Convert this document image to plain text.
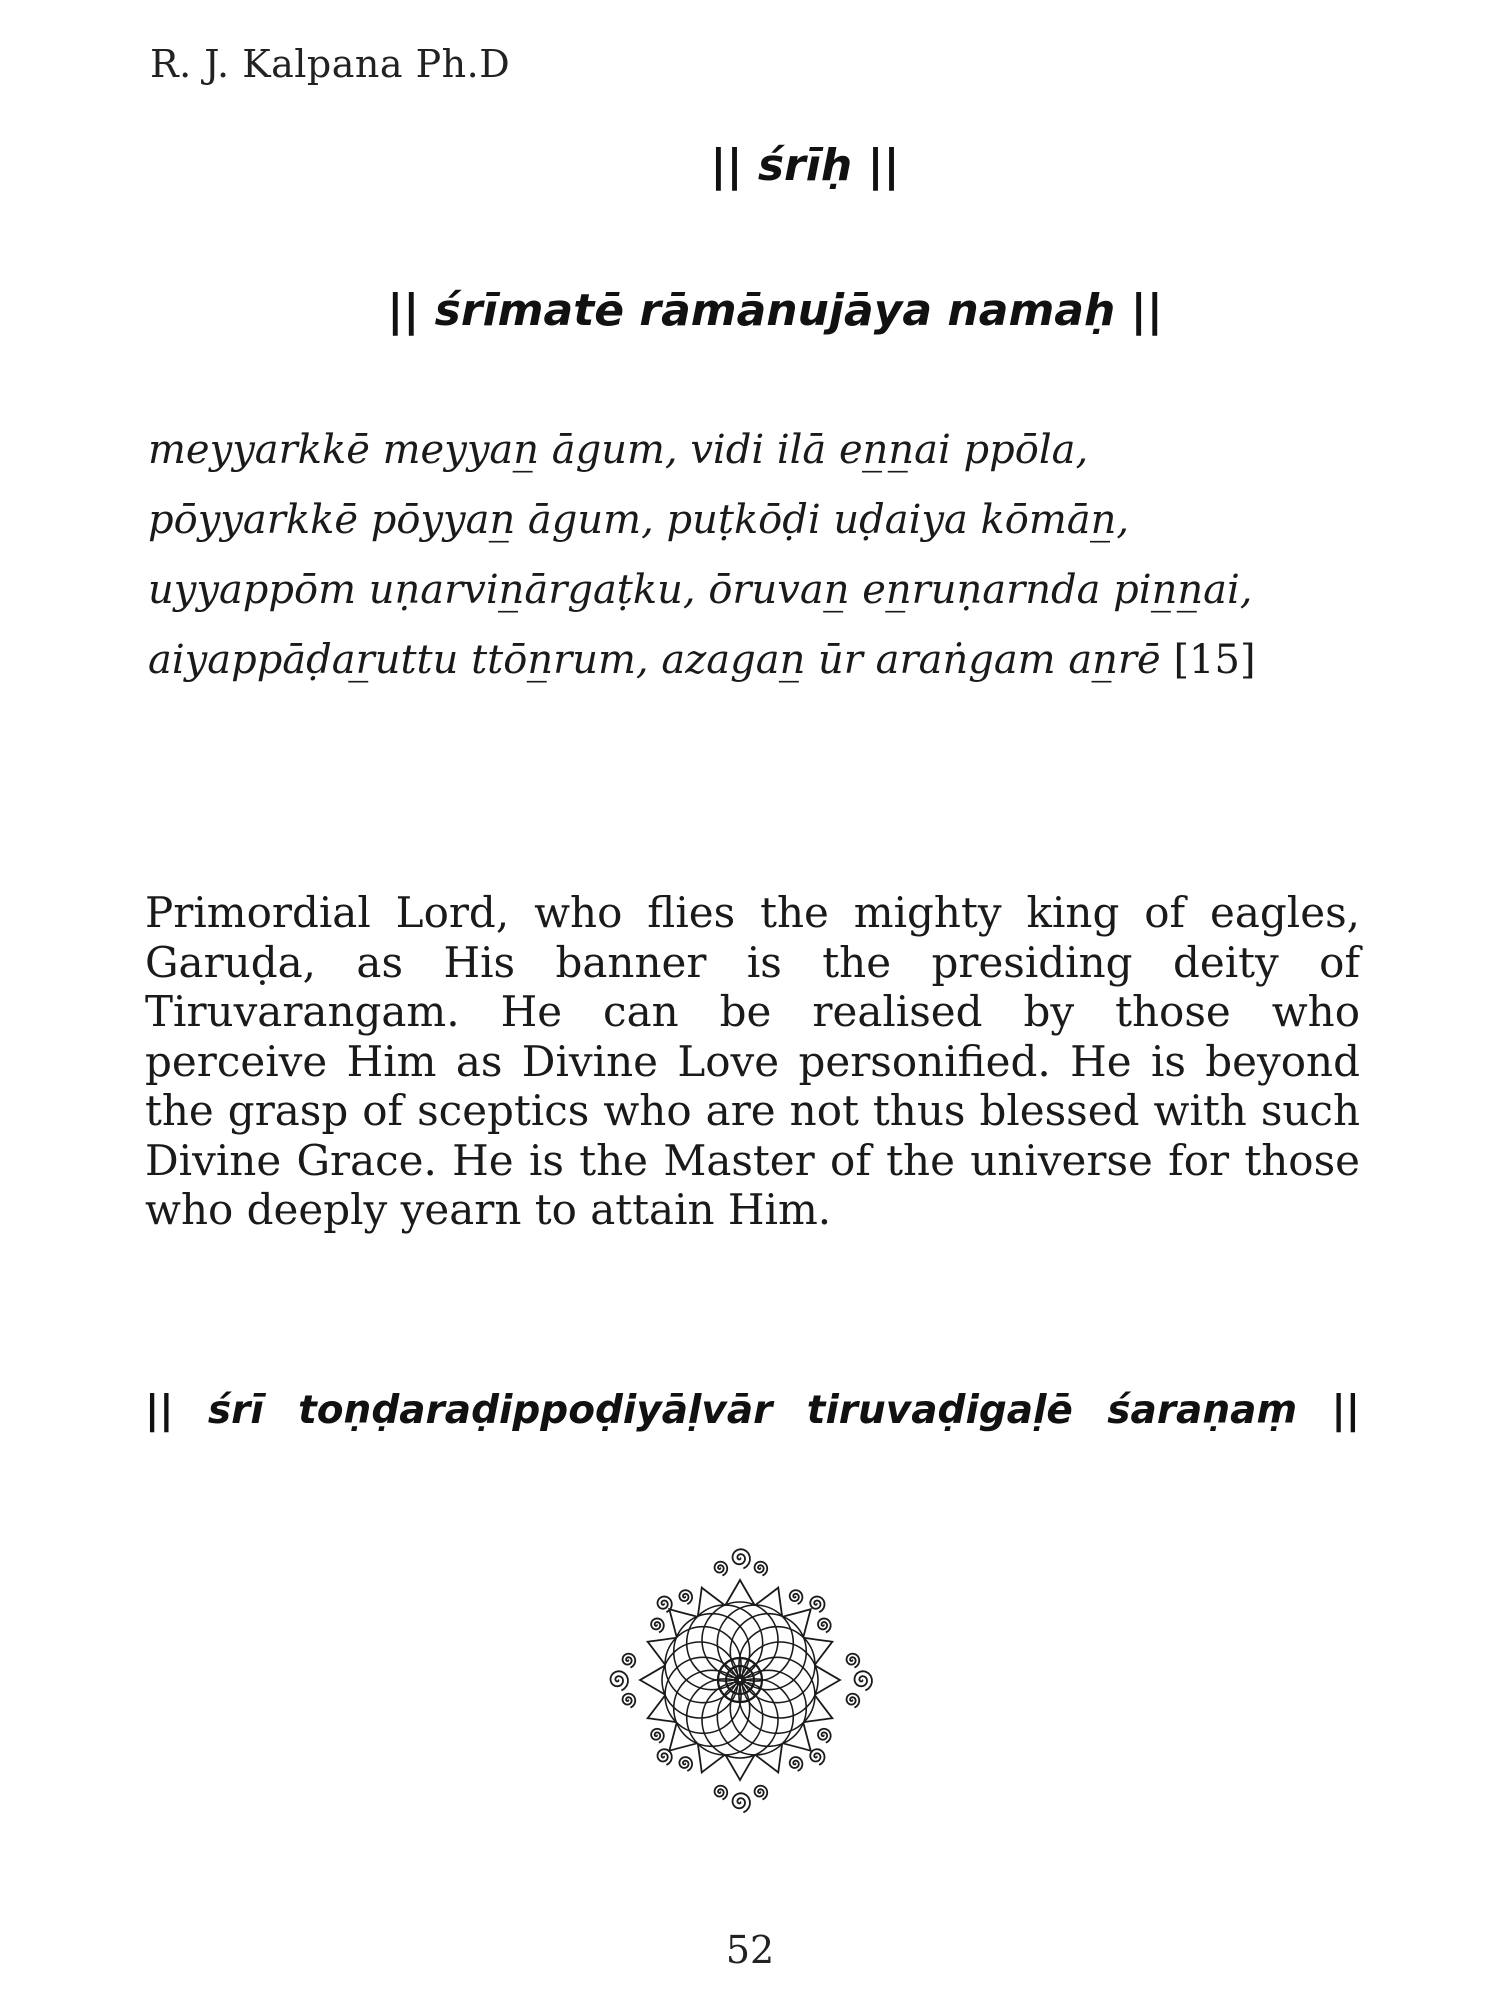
R. J. Kalpana Ph.D
|| śrīḥ ||
|| śrīmatē rāmānujāya namaḥ ||

meyyarkkē meyyan̲ āgum, vidi ilā en̲n̲ai ppōla,

pōyyarkkē pōyyan̲ āgum, puṭkōḍi uḍaiya kōmān̲,

uyyappōm uṇarvin̲ārgaṭku, ōruvan̲ en̲ruṇarnda pin̲n̲ai,

aiyappāḍar̲uttu ttōn̲rum, azagan̲ ūr araṅgam an̲rē [15]

Primordial Lord, who flies the mighty king of eagles, Garuḍa, as His banner is the presiding deity of Tiruvarangam. He can be realised by those who perceive Him as Divine Love personified. He is beyond the grasp of sceptics who are not thus blessed with such Divine Grace. He is the Master of the universe for those who deeply yearn to attain Him.

|| śrī toṇḍaraḍippoḍiyāḷvār tiruvaḍigaḷē śaraṇaṃ ||
52
